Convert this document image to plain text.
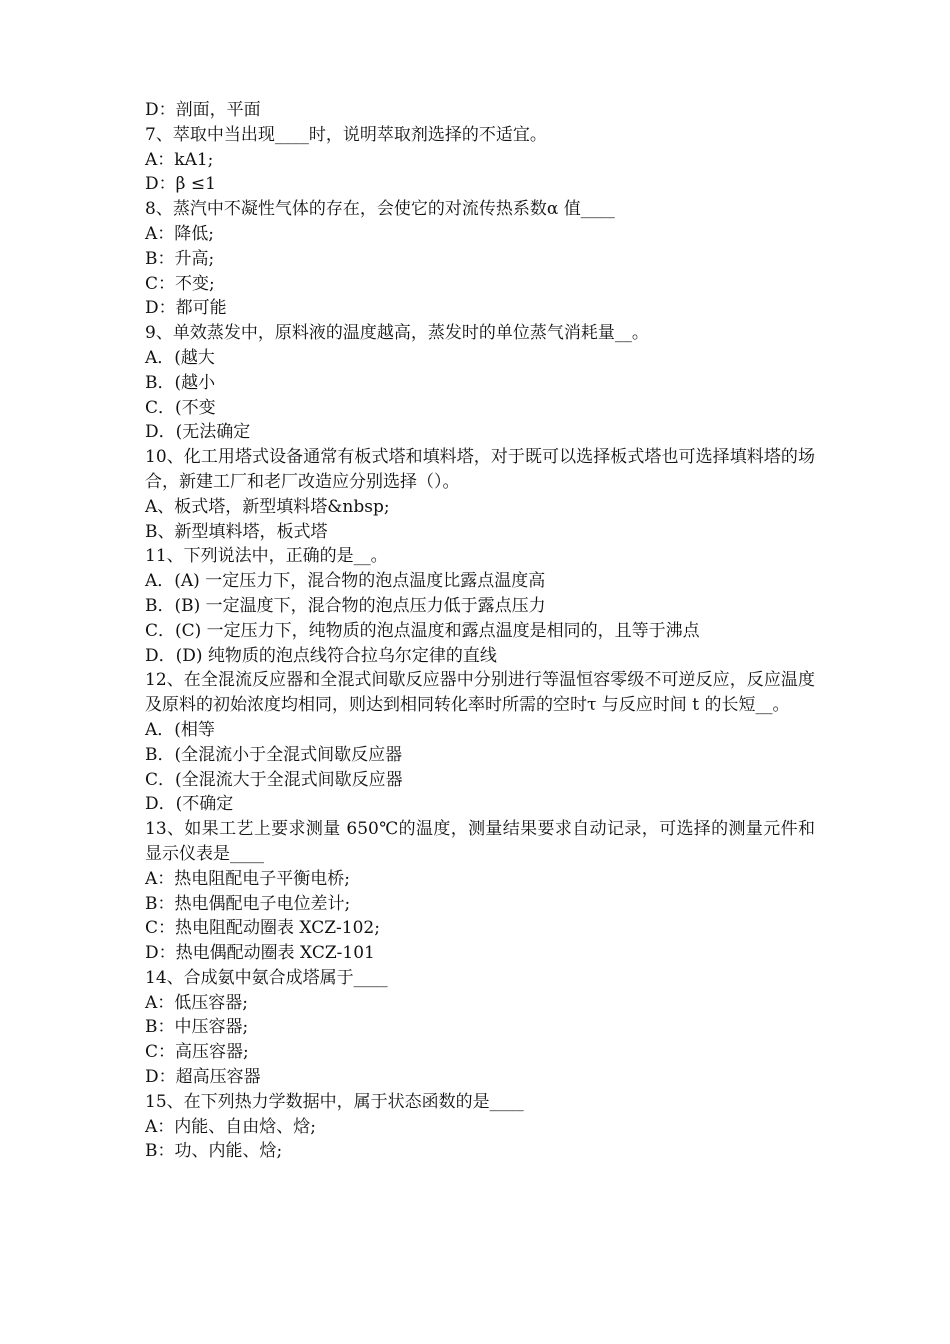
D：剖面，平面
7、萃取中当出现____时，说明萃取剂选择的不适宜。
A：kA1;
D：β ≤1
8、蒸汽中不凝性气体的存在，会使它的对流传热系数α 值____
A：降低;
B：升高;
C：不变;
D：都可能
9、单效蒸发中，原料液的温度越高，蒸发时的单位蒸气消耗量__。
A．(越大
B．(越小
C．(不变
D．(无法确定
10、化工用塔式设备通常有板式塔和填料塔，对于既可以选择板式塔也可选择填料塔的场合，新建工厂和老厂改造应分别选择（）。
A、板式塔，新型填料塔&nbsp;
B、新型填料塔，板式塔
11、下列说法中，正确的是__。
A．(A) 一定压力下，混合物的泡点温度比露点温度高
B．(B) 一定温度下，混合物的泡点压力低于露点压力
C．(C) 一定压力下，纯物质的泡点温度和露点温度是相同的，且等于沸点
D．(D) 纯物质的泡点线符合拉乌尔定律的直线
12、在全混流反应器和全混式间歇反应器中分别进行等温恒容零级不可逆反应，反应温度及原料的初始浓度均相同，则达到相同转化率时所需的空时τ 与反应时间 t 的长短__。
A．(相等
B．(全混流小于全混式间歇反应器
C．(全混流大于全混式间歇反应器
D．(不确定
13、如果工艺上要求测量 650℃的温度，测量结果要求自动记录，可选择的测量元件和显示仪表是____
A：热电阻配电子平衡电桥;
B：热电偶配电子电位差计;
C：热电阻配动圈表 XCZ-102;
D：热电偶配动圈表 XCZ-101
14、合成氨中氨合成塔属于____
A：低压容器;
B：中压容器;
C：高压容器;
D：超高压容器
15、在下列热力学数据中，属于状态函数的是____
A：内能、自由焓、焓;
B：功、内能、焓;
